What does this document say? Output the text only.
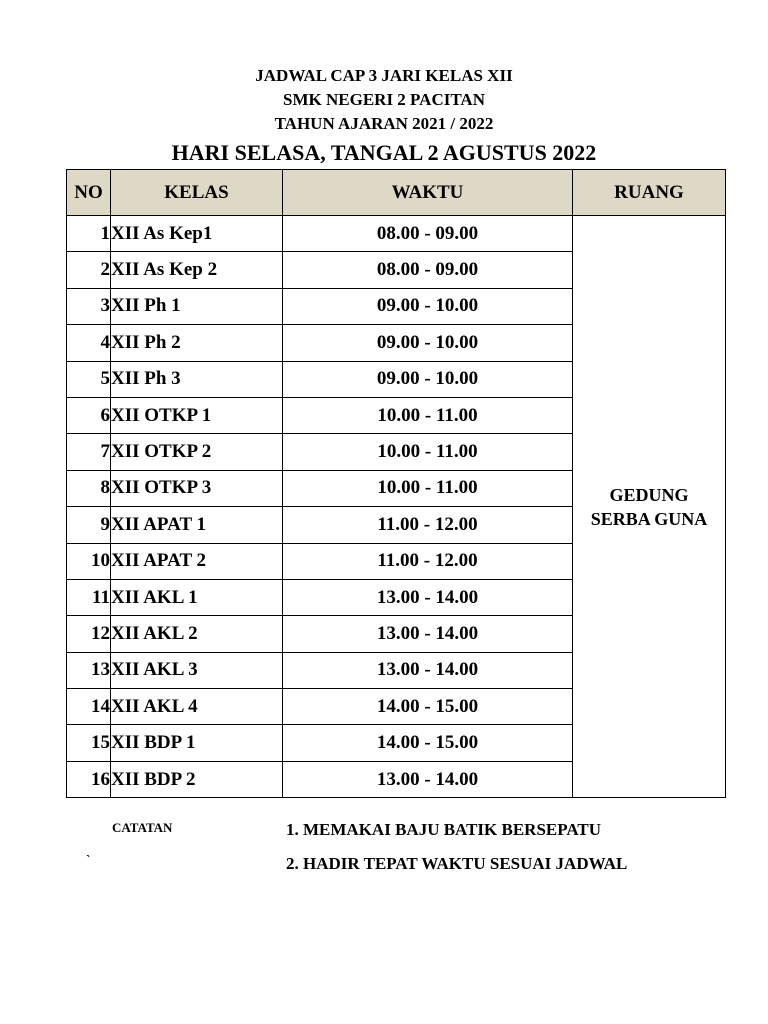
JADWAL CAP 3 JARI KELAS XII
SMK NEGERI 2 PACITAN
TAHUN AJARAN 2021 / 2022
HARI SELASA, TANGAL 2 AGUSTUS 2022
NO	KELAS	WAKTU	RUANG
1	XII As Kep1	08.00 - 09.00	GEDUNG
SERBA GUNA
2	XII As Kep 2	08.00 - 09.00	
3	XII Ph 1	09.00 - 10.00	
4	XII Ph 2	09.00 - 10.00	
5	XII Ph 3	09.00 - 10.00	
6	XII OTKP 1	10.00 - 11.00	
7	XII OTKP 2	10.00 - 11.00	
8	XII OTKP 3	10.00 - 11.00	
9	XII APAT 1	11.00 - 12.00	
10	XII APAT 2	11.00 - 12.00	
11	XII AKL 1	13.00 - 14.00	
12	XII AKL 2	13.00 - 14.00	
13	XII AKL 3	13.00 - 14.00	
14	XII AKL 4	14.00 - 15.00	
15	XII BDP 1	14.00 - 15.00	
16	XII BDP 2	13.00 - 14.00	
CATATAN
`
1. MEMAKAI BAJU BATIK BERSEPATU
2. HADIR TEPAT WAKTU SESUAI JADWAL
